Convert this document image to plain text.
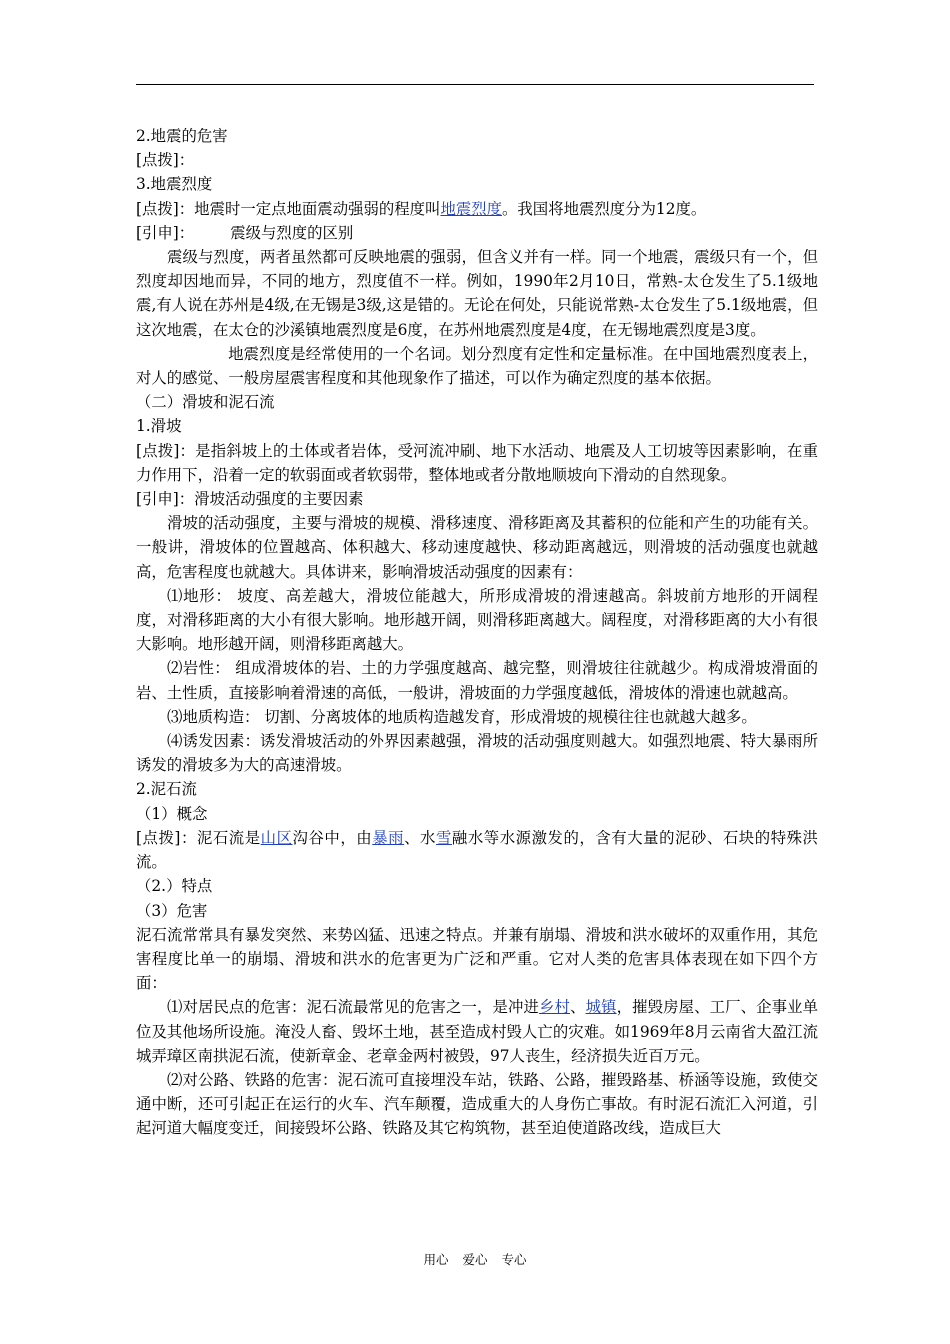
2.地震的危害

[点拨]：

3.地震烈度

[点拨]：地震时一定点地面震动强弱的程度叫地震烈度。我国将地震烈度分为12度。

[引申]： 震级与烈度的区别

震级与烈度，两者虽然都可反映地震的强弱，但含义并有一样。同一个地震，震级只有一个，但烈度却因地而异，不同的地方，烈度值不一样。例如，1990年2月10日，常熟-太仓发生了5.1级地震,有人说在苏州是4级,在无锡是3级,这是错的。无论在何处，只能说常熟-太仓发生了5.1级地震，但这次地震，在太仓的沙溪镇地震烈度是6度，在苏州地震烈度是4度，在无锡地震烈度是3度。

地震烈度是经常使用的一个名词。划分烈度有定性和定量标准。在中国地震烈度表上，对人的感觉、一般房屋震害程度和其他现象作了描述，可以作为确定烈度的基本依据。

（二）滑坡和泥石流

1.滑坡

[点拨]：是指斜坡上的土体或者岩体，受河流冲刷、地下水活动、地震及人工切坡等因素影响，在重力作用下，沿着一定的软弱面或者软弱带，整体地或者分散地顺坡向下滑动的自然现象。

[引申]：滑坡活动强度的主要因素

滑坡的活动强度，主要与滑坡的规模、滑移速度、滑移距离及其蓄积的位能和产生的功能有关。一般讲，滑坡体的位置越高、体积越大、移动速度越快、移动距离越远，则滑坡的活动强度也就越高，危害程度也就越大。具体讲来，影响滑坡活动强度的因素有：

⑴地形： 坡度、高差越大，滑坡位能越大，所形成滑坡的滑速越高。斜坡前方地形的开阔程度，对滑移距离的大小有很大影响。地形越开阔，则滑移距离越大。阔程度，对滑移距离的大小有很大影响。地形越开阔，则滑移距离越大。

⑵岩性： 组成滑坡体的岩、土的力学强度越高、越完整，则滑坡往往就越少。构成滑坡滑面的岩、土性质，直接影响着滑速的高低，一般讲，滑坡面的力学强度越低，滑坡体的滑速也就越高。

⑶地质构造： 切割、分离坡体的地质构造越发育，形成滑坡的规模往往也就越大越多。

⑷诱发因素：诱发滑坡活动的外界因素越强，滑坡的活动强度则越大。如强烈地震、特大暴雨所诱发的滑坡多为大的高速滑坡。

2.泥石流

（1）概念

[点拨]：泥石流是山区沟谷中，由暴雨、水雪融水等水源激发的，含有大量的泥砂、石块的特殊洪流。

（2.）特点

（3）危害

泥石流常常具有暴发突然、来势凶猛、迅速之特点。并兼有崩塌、滑坡和洪水破坏的双重作用，其危害程度比单一的崩塌、滑坡和洪水的危害更为广泛和严重。它对人类的危害具体表现在如下四个方面：

⑴对居民点的危害：泥石流最常见的危害之一，是冲进乡村、城镇，摧毁房屋、工厂、企事业单位及其他场所设施。淹没人畜、毁坏土地，甚至造成村毁人亡的灾难。如1969年8月云南省大盈江流城弄璋区南拱泥石流，使新章金、老章金两村被毁，97人丧生，经济损失近百万元。

⑵对公路、铁路的危害：泥石流可直接埋没车站，铁路、公路，摧毁路基、桥涵等设施，致使交通中断，还可引起正在运行的火车、汽车颠覆，造成重大的人身伤亡事故。有时泥石流汇入河道，引起河道大幅度变迁，间接毁坏公路、铁路及其它构筑物，甚至迫使道路改线，造成巨大

用心 爱心 专心
